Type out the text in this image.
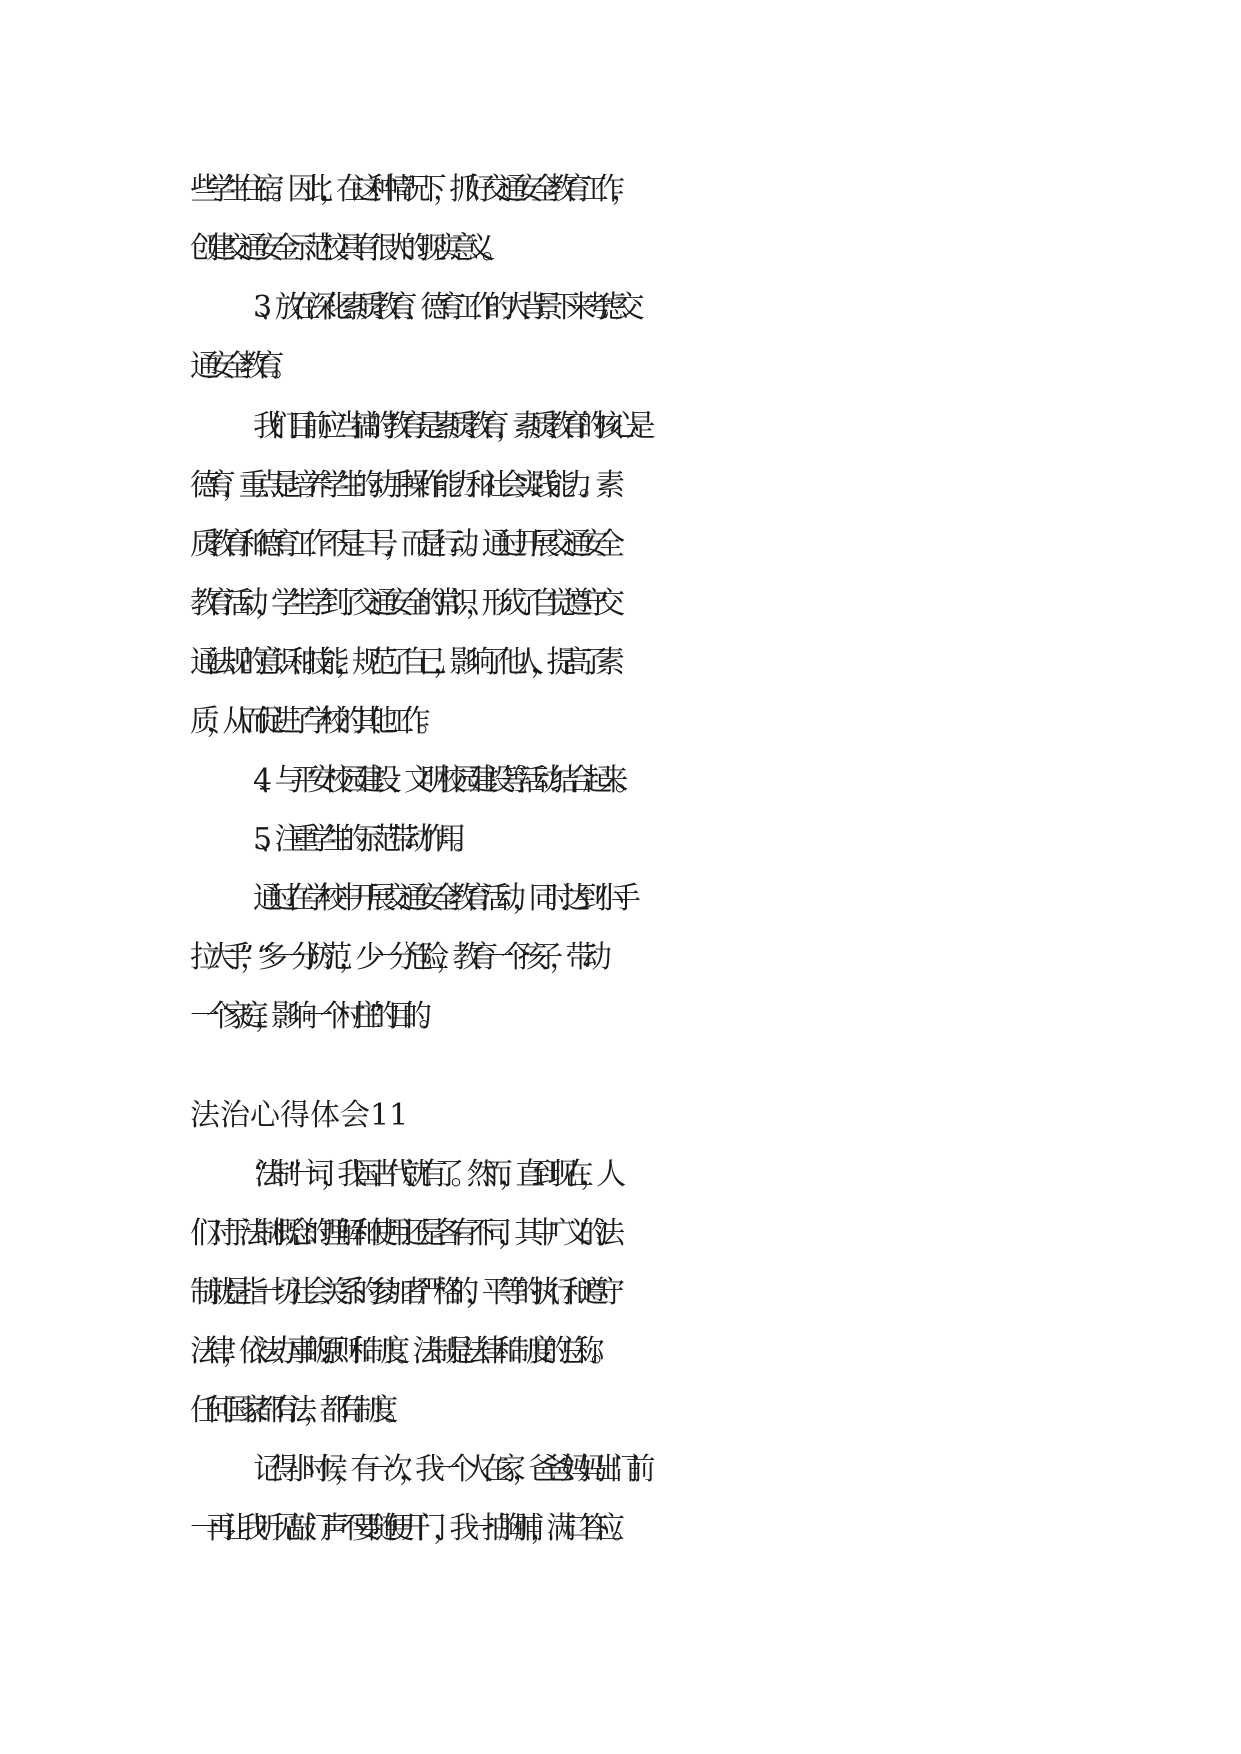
些学生住宿。因此，在这种情况下，抓好交通安全教育工作，
创建交通安全示范校具有很大的现实意义。
3、放在深化素质教育、德育工作的大背景下来考虑交
通安全教育。
我们目前应当搞的教育是素质教育，素质教育的核心是
德育，重点是培养学生的动手操作能力和社会实践能力。素
质教育和德育工作不是口号，而是行动。通过开展交通安全
教育活动，学生学到了交通安全的常识，形成了自觉遵守交
通法规的意识和技能，规范了自己，影响了他人，提高了素
质，从而促进了学校的其他工作。
4、与平安校园建设、文明校园建设等活动结合起来。
5、注重学生的示范带动作用。
通过在学校中开展交通安全教育活动，同时达到“小手
拉大手”，“多一分防范，少一分危险，教育一个孩子，带动
一个家庭，影响一个村庄”的目的。
法治心得体会11
“法制”一词，我国古代就有了。然而，直到现在，人
们对于法制概念的理解和使用还是各有不同，其中广义的法
制就是指一切社会关系的参加者严格的，平等的执行和遵守
法律，依法办事的.原则和制度。法制是法律和制度的总称。
任何国家都有法，都有制度。
记得小时候，有一次，我一个人在家，爸爸妈妈出门前
一再让我听见敲门声不要随便开门，我一拍胸脯，满口答应。
